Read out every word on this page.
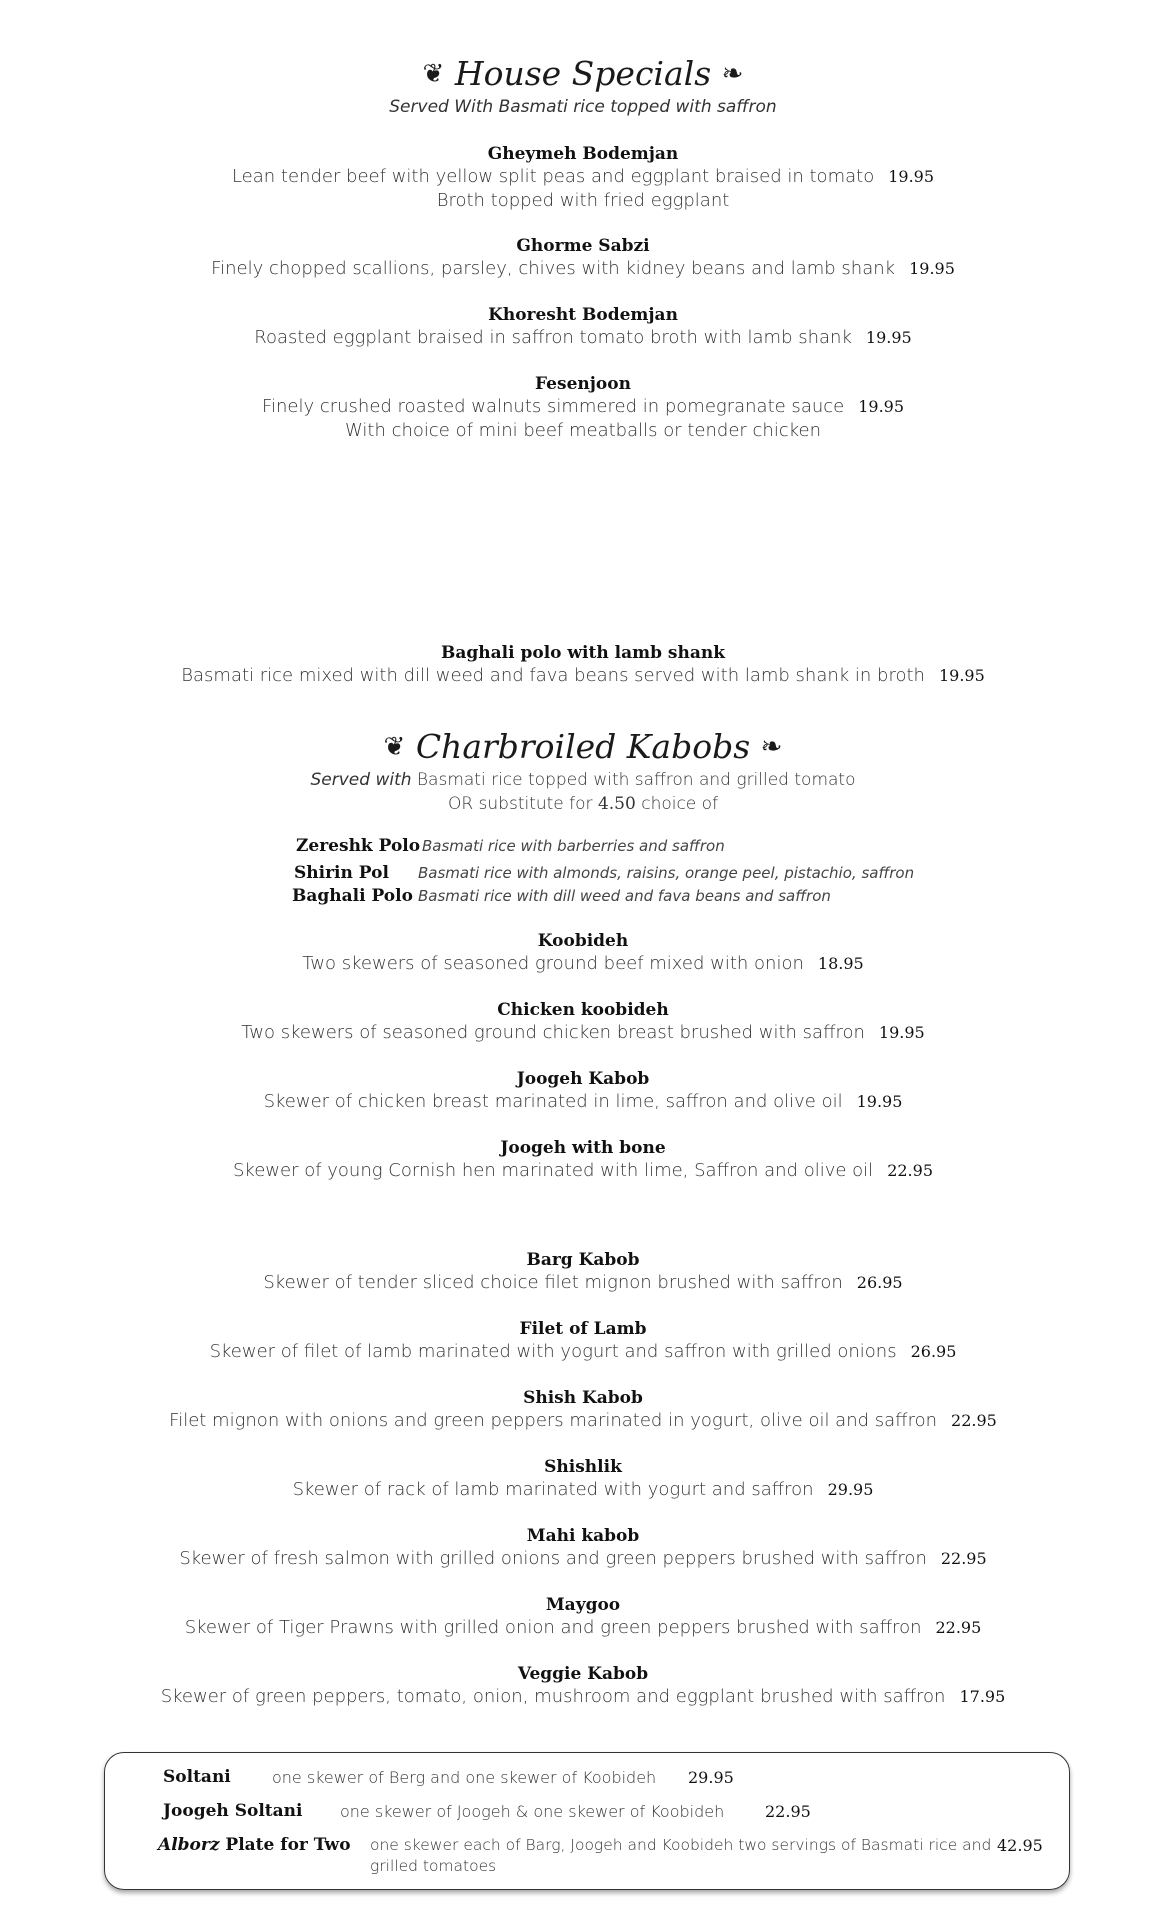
❦ House Specials ❧
Served With Basmati rice topped with saffron
Gheymeh Bodemjan
Lean tender beef with yellow split peas and eggplant braised in tomato 19.95
Broth topped with fried eggplant
Ghorme Sabzi
Finely chopped scallions, parsley, chives with kidney beans and lamb shank 19.95
Khoresht Bodemjan
Roasted eggplant braised in saffron tomato broth with lamb shank 19.95
Fesenjoon
Finely crushed roasted walnuts simmered in pomegranate sauce 19.95
With choice of mini beef meatballs or tender chicken
Baghali polo with lamb shank
Basmati rice mixed with dill weed and fava beans served with lamb shank in broth 19.95
❦ Charbroiled Kabobs ❧
Served with Basmati rice topped with saffron and grilled tomato
OR substitute for 4.50 choice of
Zereshk Polo Basmati rice with barberries and saffron
Shirin Pol Basmati rice with almonds, raisins, orange peel, pistachio, saffron
Baghali Polo Basmati rice with dill weed and fava beans and saffron
Koobideh
Two skewers of seasoned ground beef mixed with onion 18.95
Chicken koobideh
Two skewers of seasoned ground chicken breast brushed with saffron 19.95
Joogeh Kabob
Skewer of chicken breast marinated in lime, saffron and olive oil 19.95
Joogeh with bone
Skewer of young Cornish hen marinated with lime, Saffron and olive oil 22.95
Barg Kabob
Skewer of tender sliced choice filet mignon brushed with saffron 26.95
Filet of Lamb
Skewer of filet of lamb marinated with yogurt and saffron with grilled onions 26.95
Shish Kabob
Filet mignon with onions and green peppers marinated in yogurt, olive oil and saffron 22.95
Shishlik
Skewer of rack of lamb marinated with yogurt and saffron 29.95
Mahi kabob
Skewer of fresh salmon with grilled onions and green peppers brushed with saffron 22.95
Maygoo
Skewer of Tiger Prawns with grilled onion and green peppers brushed with saffron 22.95
Veggie Kabob
Skewer of green peppers, tomato, onion, mushroom and eggplant brushed with saffron 17.95
Soltani	one skewer of Berg and one skewer of Koobideh 29.95
Joogeh Soltani one skewer of Joogeh & one skewer of Koobideh	22.95
Alborz Plate for Two one skewer each of Barg, Joogeh and Koobideh two servings of Basmati rice and
grilled tomatoes
42.95
